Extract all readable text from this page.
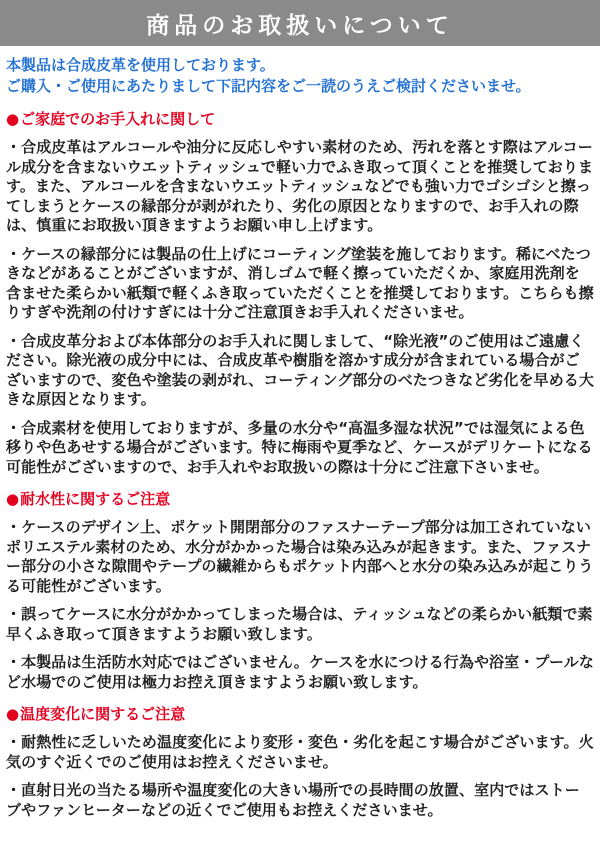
商品のお取扱いについて

本製品は合成皮革を使用しております。
ご購入・ご使用にあたりまして下記内容をご一読のうえご検討くださいませ。

●ご家庭でのお手入れに関して

・合成皮革はアルコールや油分に反応しやすい素材のため、汚れを落とす際はアルコール成分を含まないウエットティッシュで軽い力でふき取って頂くことを推奨しております。また、アルコールを含まないウエットティッシュなどでも強い力でゴシゴシと擦ってしまうとケースの縁部分が剥がれたり、劣化の原因となりますので、お手入れの際は、慎重にお取扱い頂きますようお願い申し上げます。

・ケースの縁部分には製品の仕上げにコーティング塗装を施しております。稀にべたつきなどがあることがございますが、消しゴムで軽く擦っていただくか、家庭用洗剤を含ませた柔らかい紙類で軽くふき取っていただくことを推奨しております。こちらも擦りすぎや洗剤の付けすぎには十分ご注意頂きお手入れくださいませ。

・合成皮革分および本体部分のお手入れに関しまして、“除光液”のご使用はご遠慮ください。除光液の成分中には、合成皮革や樹脂を溶かす成分が含まれている場合がございますので、変色や塗装の剥がれ、コーティング部分のべたつきなど劣化を早める大きな原因となります。

・合成素材を使用しておりますが、多量の水分や“高温多湿な状況”では湿気による色移りや色あせする場合がございます。特に梅雨や夏季など、ケースがデリケートになる可能性がございますので、お手入れやお取扱いの際は十分にご注意下さいませ。

●耐水性に関するご注意

・ケースのデザイン上、ポケット開閉部分のファスナーテープ部分は加工されていないポリエステル素材のため、水分がかかった場合は染み込みが起きます。また、ファスナー部分の小さな隙間やテープの繊維からもポケット内部へと水分の染み込みが起こりうる可能性がございます。

・誤ってケースに水分がかかってしまった場合は、ティッシュなどの柔らかい紙類で素早くふき取って頂きますようお願い致します。

・本製品は生活防水対応ではございません。ケースを水につける行為や浴室・プールなど水場でのご使用は極力お控え頂きますようお願い致します。

●温度変化に関するご注意

・耐熱性に乏しいため温度変化により変形・変色・劣化を起こす場合がございます。火気のすぐ近くでのご使用はお控えくださいませ。

・直射日光の当たる場所や温度変化の大きい場所での長時間の放置、室内ではストーブやファンヒーターなどの近くでご使用もお控えくださいませ。
